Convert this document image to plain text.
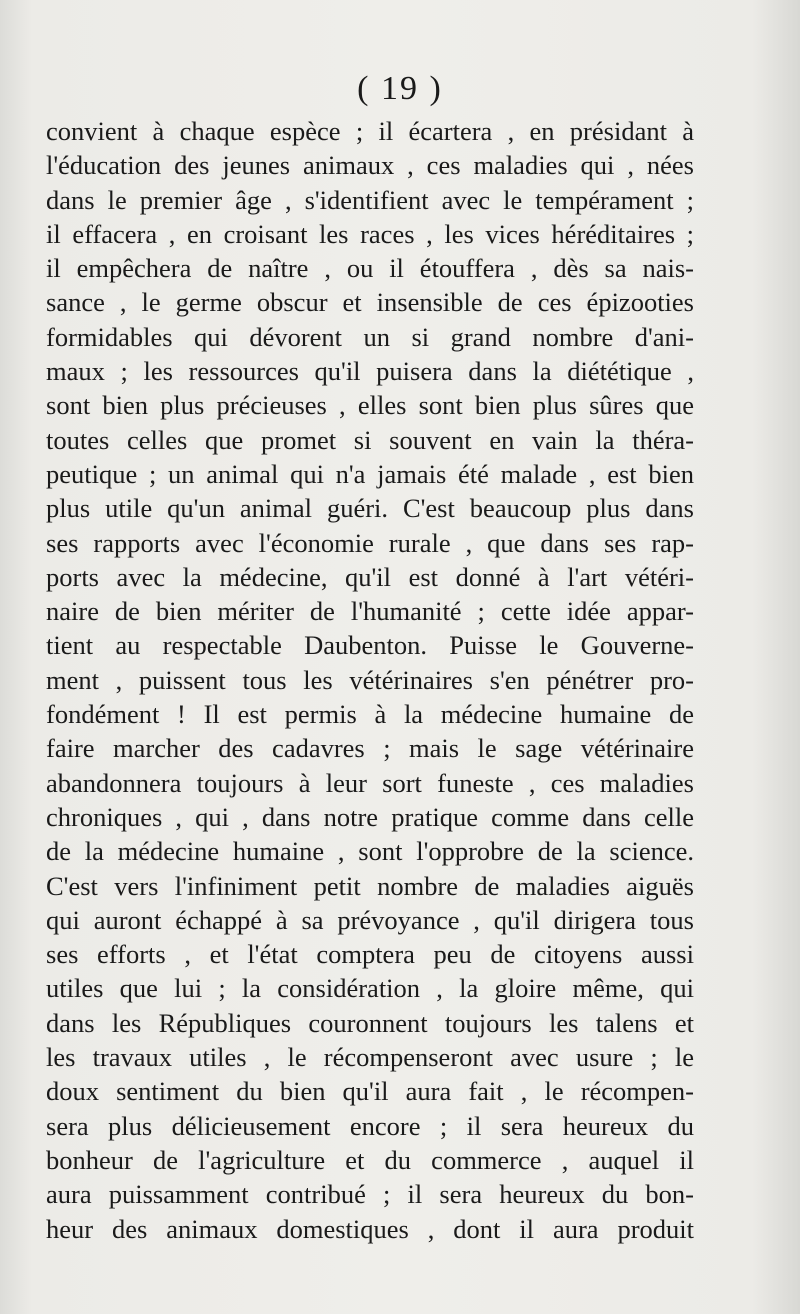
( 19 )
convient à chaque espèce ; il écartera , en présidant à
l'éducation des jeunes animaux , ces maladies qui , nées
dans le premier âge , s'identifient avec le tempérament ;
il effacera , en croisant les races , les vices héréditaires ;
il empêchera de naître , ou il étouffera , dès sa nais-
sance , le germe obscur et insensible de ces épizooties
formidables qui dévorent un si grand nombre d'ani-
maux ; les ressources qu'il puisera dans la diététique ,
sont bien plus précieuses , elles sont bien plus sûres que
toutes celles que promet si souvent en vain la théra-
peutique ; un animal qui n'a jamais été malade , est bien
plus utile qu'un animal guéri. C'est beaucoup plus dans
ses rapports avec l'économie rurale , que dans ses rap-
ports avec la médecine, qu'il est donné à l'art vétéri-
naire de bien mériter de l'humanité ; cette idée appar-
tient au respectable Daubenton. Puisse le Gouverne-
ment , puissent tous les vétérinaires s'en pénétrer pro-
fondément ! Il est permis à la médecine humaine de
faire marcher des cadavres ; mais le sage vétérinaire
abandonnera toujours à leur sort funeste , ces maladies
chroniques , qui , dans notre pratique comme dans celle
de la médecine humaine , sont l'opprobre de la science.
C'est vers l'infiniment petit nombre de maladies aiguës
qui auront échappé à sa prévoyance , qu'il dirigera tous
ses efforts , et l'état comptera peu de citoyens aussi
utiles que lui ; la considération , la gloire même, qui
dans les Républiques couronnent toujours les talens et
les travaux utiles , le récompenseront avec usure ; le
doux sentiment du bien qu'il aura fait , le récompen-
sera plus délicieusement encore ; il sera heureux du
bonheur de l'agriculture et du commerce , auquel il
aura puissamment contribué ; il sera heureux du bon-
heur des animaux domestiques , dont il aura produit
